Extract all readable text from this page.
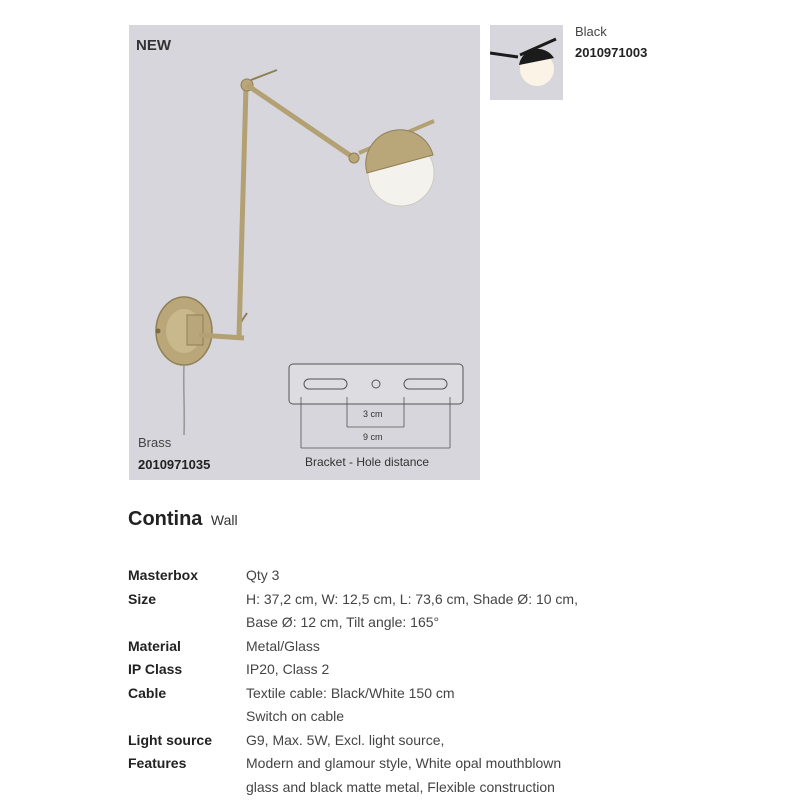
NEW
3 cm
9 cm
Bracket - Hole distance
Brass
2010971035
Black
2010971003
Contina Wall
Masterbox	Qty 3
Size	H: 37,2 cm, W: 12,5 cm, L: 73,6 cm, Shade Ø: 10 cm,
Base Ø: 12 cm, Tilt angle: 165°
Material	Metal/Glass
IP Class	IP20, Class 2
Cable	Textile cable: Black/White 150 cm
Switch on cable
Light source	G9, Max. 5W, Excl. light source,
Features	Modern and glamour style, White opal mouthblown
glass and black matte metal, Flexible construction
